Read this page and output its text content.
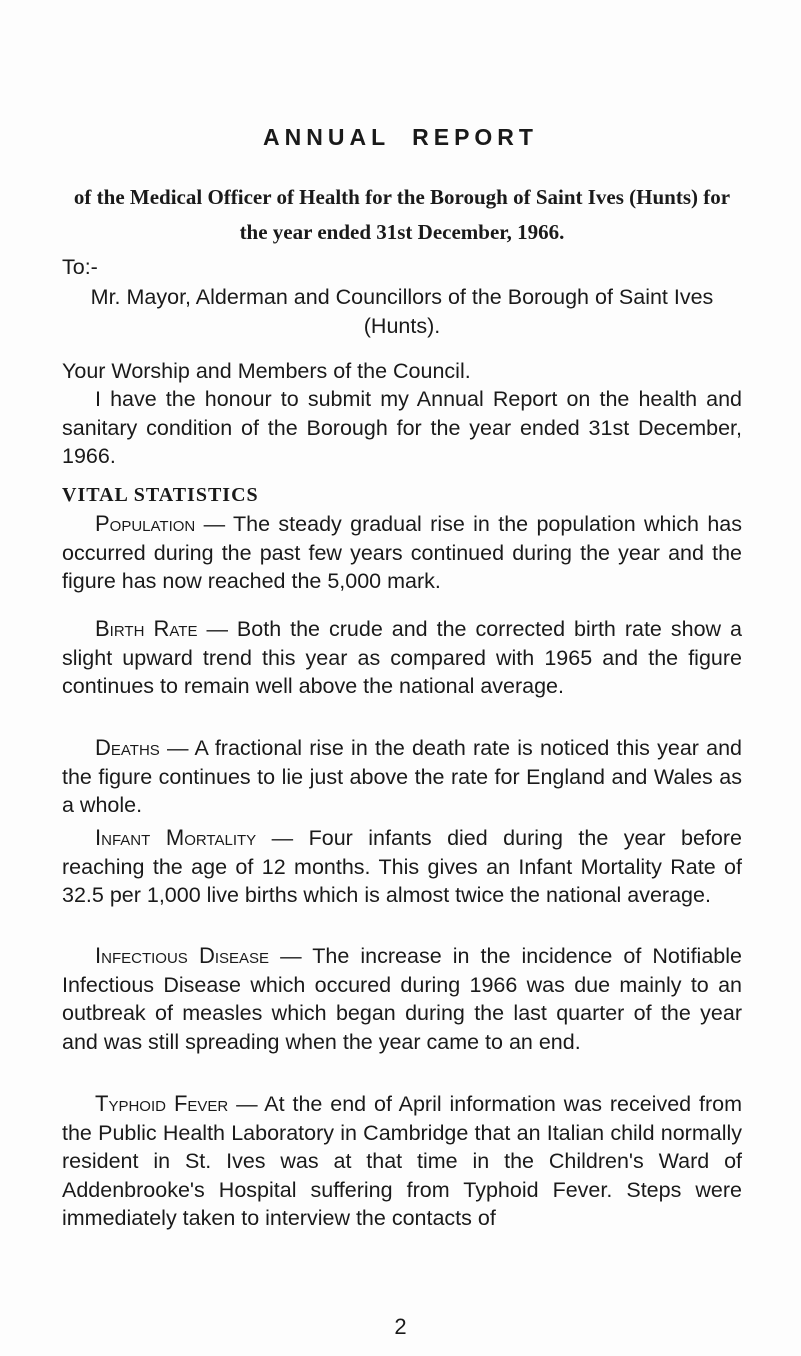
ANNUAL REPORT
of the Medical Officer of Health for the Borough of Saint Ives (Hunts) for the year ended 31st December, 1966.

To:-

Mr. Mayor, Alderman and Councillors of the Borough of Saint Ives (Hunts).

Your Worship and Members of the Council.

I have the honour to submit my Annual Report on the health and sanitary condition of the Borough for the year ended 31st December, 1966.

VITAL STATISTICS

Population — The steady gradual rise in the population which has occurred during the past few years continued during the year and the figure has now reached the 5,000 mark.

Birth Rate — Both the crude and the corrected birth rate show a slight upward trend this year as compared with 1965 and the figure continues to remain well above the national average.

Deaths — A fractional rise in the death rate is noticed this year and the figure continues to lie just above the rate for England and Wales as a whole.

Infant Mortality — Four infants died during the year before reaching the age of 12 months. This gives an Infant Mortality Rate of 32.5 per 1,000 live births which is almost twice the national average.

Infectious Disease — The increase in the incidence of Notifiable Infectious Disease which occured during 1966 was due mainly to an outbreak of measles which began during the last quarter of the year and was still spreading when the year came to an end.

Typhoid Fever — At the end of April information was received from the Public Health Laboratory in Cambridge that an Italian child normally resident in St. Ives was at that time in the Children's Ward of Addenbrooke's Hospital suffering from Typhoid Fever. Steps were immediately taken to interview the contacts of

2
